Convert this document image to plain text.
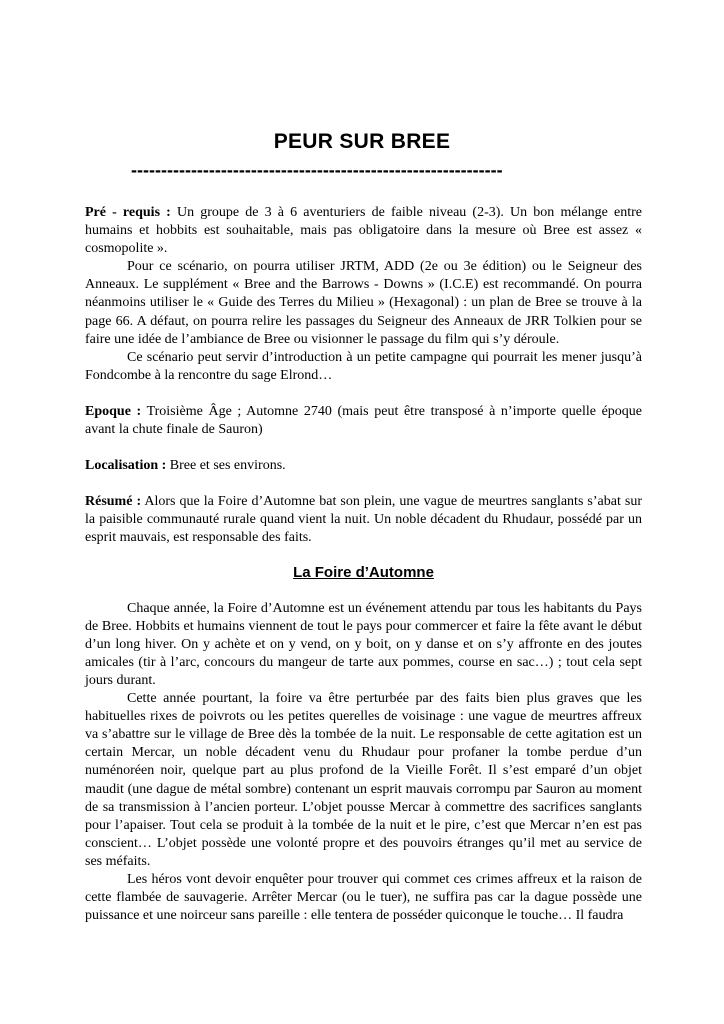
PEUR SUR BREE
--------------------------------------------------------------

Pré - requis : Un groupe de 3 à 6 aventuriers de faible niveau (2-3). Un bon mélange entre humains et hobbits est souhaitable, mais pas obligatoire dans la mesure où Bree est assez « cosmopolite ».

Pour ce scénario, on pourra utiliser JRTM, ADD (2e ou 3e édition) ou le Seigneur des Anneaux. Le supplément « Bree and the Barrows - Downs » (I.C.E) est recommandé. On pourra néanmoins utiliser le « Guide des Terres du Milieu » (Hexagonal) : un plan de Bree se trouve à la page 66. A défaut, on pourra relire les passages du Seigneur des Anneaux de JRR Tolkien pour se faire une idée de l’ambiance de Bree ou visionner le passage du film qui s’y déroule.

Ce scénario peut servir d’introduction à un petite campagne qui pourrait les mener jusqu’à Fondcombe à la rencontre du sage Elrond…

Epoque : Troisième Âge ; Automne 2740 (mais peut être transposé à n’importe quelle époque avant la chute finale de Sauron)

Localisation : Bree et ses environs.

Résumé : Alors que la Foire d’Automne bat son plein, une vague de meurtres sanglants s’abat sur la paisible communauté rurale quand vient la nuit. Un noble décadent du Rhudaur, possédé par un esprit mauvais, est responsable des faits.

La Foire d’Automne

Chaque année, la Foire d’Automne est un événement attendu par tous les habitants du Pays de Bree. Hobbits et humains viennent de tout le pays pour commercer et faire la fête avant le début d’un long hiver. On y achète et on y vend, on y boit, on y danse et on s’y affronte en des joutes amicales (tir à l’arc, concours du mangeur de tarte aux pommes, course en sac…) ; tout cela sept jours durant.

Cette année pourtant, la foire va être perturbée par des faits bien plus graves que les habituelles rixes de poivrots ou les petites querelles de voisinage : une vague de meurtres affreux va s’abattre sur le village de Bree dès la tombée de la nuit. Le responsable de cette agitation est un certain Mercar, un noble décadent venu du Rhudaur pour profaner la tombe perdue d’un numénoréen noir, quelque part au plus profond de la Vieille Forêt. Il s’est emparé d’un objet maudit (une dague de métal sombre) contenant un esprit mauvais corrompu par Sauron au moment de sa transmission à l’ancien porteur. L’objet pousse Mercar à commettre des sacrifices sanglants pour l’apaiser. Tout cela se produit à la tombée de la nuit et le pire, c’est que Mercar n’en est pas conscient… L’objet possède une volonté propre et des pouvoirs étranges qu’il met au service de ses méfaits.

Les héros vont devoir enquêter pour trouver qui commet ces crimes affreux et la raison de cette flambée de sauvagerie. Arrêter Mercar (ou le tuer), ne suffira pas car la dague possède une puissance et une noirceur sans pareille : elle tentera de posséder quiconque le touche… Il faudra
